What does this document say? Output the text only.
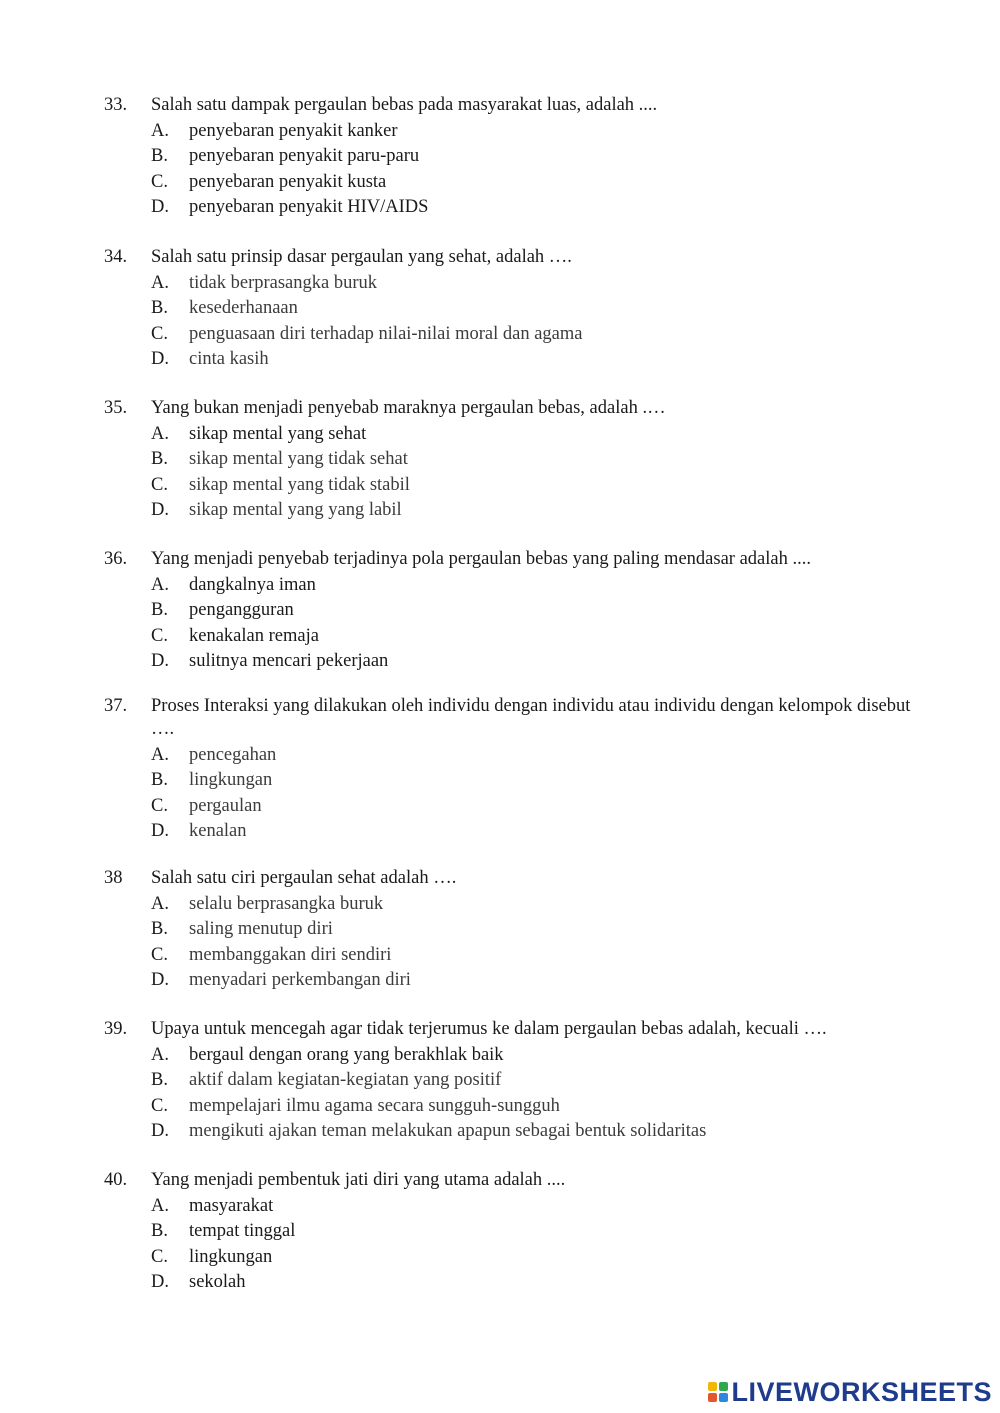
33.	Salah satu dampak pergaulan bebas pada masyarakat luas, adalah ....
A.	penyebaran penyakit kanker
B.	penyebaran penyakit paru-paru
C.	penyebaran penyakit kusta
D.	penyebaran penyakit HIV/AIDS
34.	Salah satu prinsip dasar pergaulan yang sehat, adalah ….
A.	tidak berprasangka buruk
B.	kesederhanaan
C.	penguasaan diri terhadap nilai-nilai moral dan agama
D.	cinta kasih
35.	Yang bukan menjadi penyebab maraknya pergaulan bebas, adalah .…
A.	sikap mental yang sehat
B.	sikap mental yang tidak sehat
C.	sikap mental yang tidak stabil
D.	sikap mental yang yang labil
36.	Yang menjadi penyebab terjadinya pola pergaulan bebas yang paling mendasar adalah ....
A.	dangkalnya iman
B.	pengangguran
C.	kenakalan remaja
D.	sulitnya mencari pekerjaan
37.	Proses Interaksi yang dilakukan oleh individu dengan individu atau individu dengan kelompok disebut ….
A.	pencegahan
B.	lingkungan
C.	pergaulan
D.	kenalan
38	Salah satu ciri pergaulan sehat adalah ….
A.	selalu berprasangka buruk
B.	saling menutup diri
C.	membanggakan diri sendiri
D.	menyadari perkembangan diri
39.	Upaya untuk mencegah agar tidak terjerumus ke dalam pergaulan bebas adalah, kecuali ….
A.	bergaul dengan orang yang berakhlak baik
B.	aktif dalam kegiatan-kegiatan yang positif
C.	mempelajari ilmu agama secara sungguh-sungguh
D.	mengikuti ajakan teman melakukan apapun sebagai bentuk solidaritas
40.	Yang menjadi pembentuk jati diri yang utama adalah ....
A.	masyarakat
B.	tempat tinggal
C.	lingkungan
D.	sekolah
LIVEWORKSHEETS
